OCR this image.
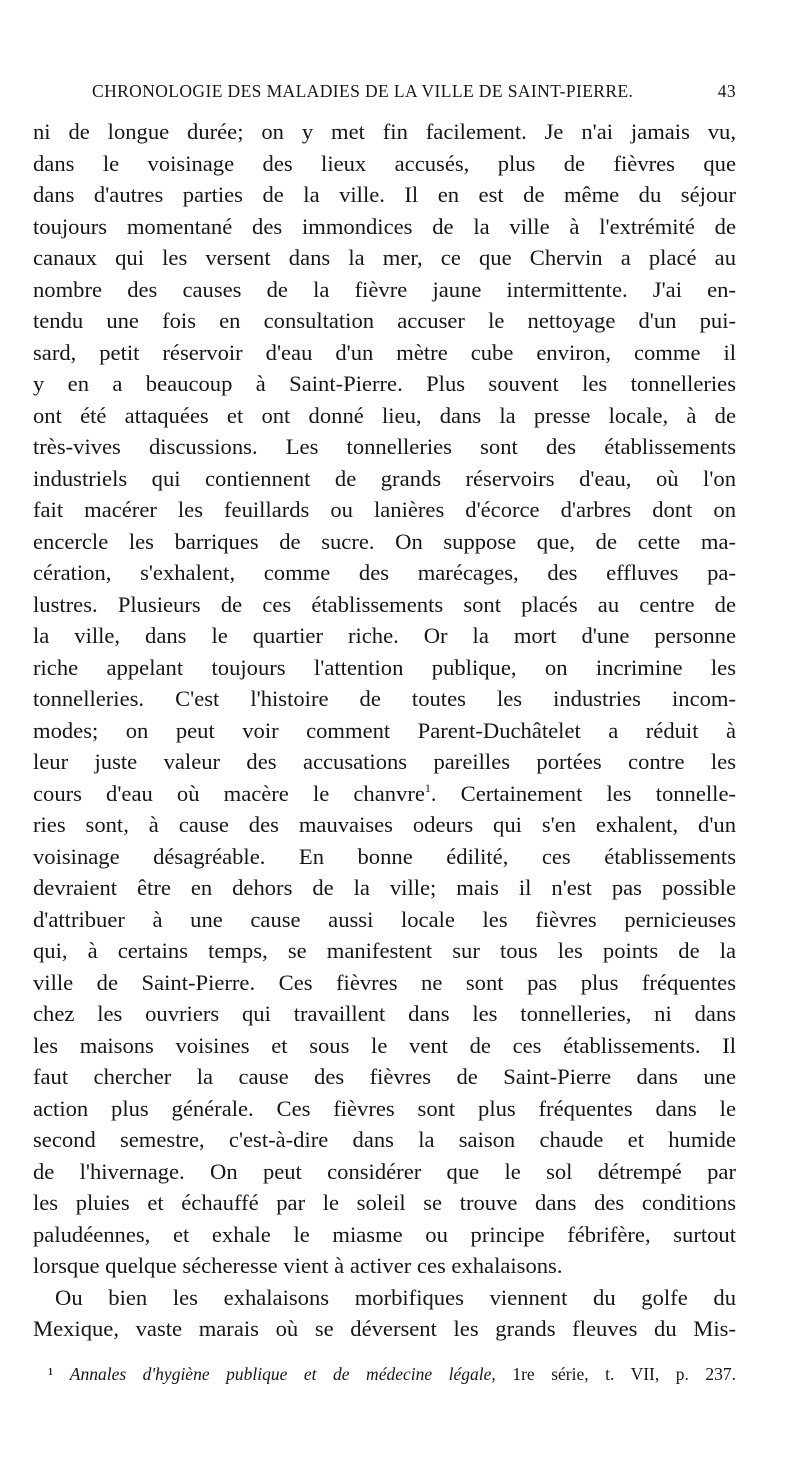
CHRONOLOGIE DES MALADIES DE LA VILLE DE SAINT-PIERRE.	43
ni de longue durée; on y met fin facilement. Je n'ai jamais vu,
dans le voisinage des lieux accusés, plus de fièvres que
dans d'autres parties de la ville. Il en est de même du séjour
toujours momentané des immondices de la ville à l'extrémité de
canaux qui les versent dans la mer, ce que Chervin a placé au
nombre des causes de la fièvre jaune intermittente. J'ai en-
tendu une fois en consultation accuser le nettoyage d'un pui-
sard, petit réservoir d'eau d'un mètre cube environ, comme il
y en a beaucoup à Saint-Pierre. Plus souvent les tonnelleries
ont été attaquées et ont donné lieu, dans la presse locale, à de
très-vives discussions. Les tonnelleries sont des établissements
industriels qui contiennent de grands réservoirs d'eau, où l'on
fait macérer les feuillards ou lanières d'écorce d'arbres dont on
encercle les barriques de sucre. On suppose que, de cette ma-
cération, s'exhalent, comme des marécages, des effluves pa-
lustres. Plusieurs de ces établissements sont placés au centre de
la ville, dans le quartier riche. Or la mort d'une personne
riche appelant toujours l'attention publique, on incrimine les
tonnelleries. C'est l'histoire de toutes les industries incom-
modes; on peut voir comment Parent-Duchâtelet a réduit à
leur juste valeur des accusations pareilles portées contre les
cours d'eau où macère le chanvre$^1$. Certainement les tonnelle-
ries sont, à cause des mauvaises odeurs qui s'en exhalent, d'un
voisinage désagréable. En bonne édilité, ces établissements
devraient être en dehors de la ville; mais il n'est pas possible
d'attribuer à une cause aussi locale les fièvres pernicieuses
qui, à certains temps, se manifestent sur tous les points de la
ville de Saint-Pierre. Ces fièvres ne sont pas plus fréquentes
chez les ouvriers qui travaillent dans les tonnelleries, ni dans
les maisons voisines et sous le vent de ces établissements. Il
faut chercher la cause des fièvres de Saint-Pierre dans une
action plus générale. Ces fièvres sont plus fréquentes dans le
second semestre, c'est-à-dire dans la saison chaude et humide
de l'hivernage. On peut considérer que le sol détrempé par
les pluies et échauffé par le soleil se trouve dans des conditions
paludéennes, et exhale le miasme ou principe fébrifère, surtout
lorsque quelque sécheresse vient à activer ces exhalaisons.
Ou bien les exhalaisons morbifiques viennent du golfe du
Mexique, vaste marais où se déversent les grands fleuves du Mis-
¹ Annales d'hygiène publique et de médecine légale, 1re série, t. VII, p. 237.
